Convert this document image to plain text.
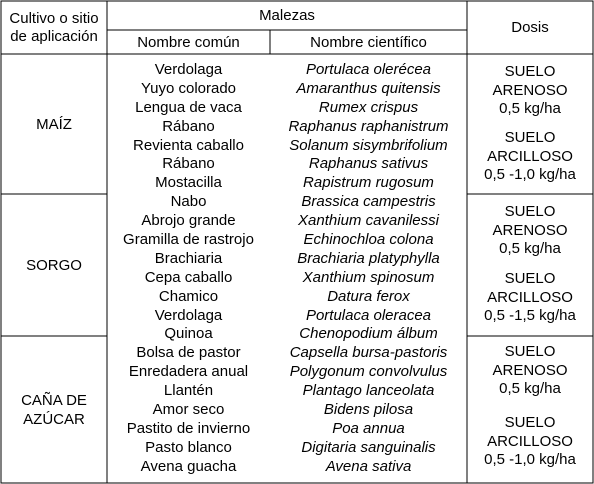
Cultivo o sitio de aplicación
Malezas
Nombre común	Nombre científico
Dosis
MAÍZ
SORGO
CAÑA DE AZÚCAR
Verdolaga
Yuyo colorado
Lengua de vaca
Rábano
Revienta caballo
Rábano
Mostacilla
Nabo
Abrojo grande
Gramilla de rastrojo
Brachiaria
Cepa caballo
Chamico
Verdolaga
Quinoa
Bolsa de pastor
Enredadera anual
Llantén
Amor seco
Pastito de invierno
Pasto blanco
Avena guacha
Portulaca olerécea
Amaranthus quitensis
Rumex crispus
Raphanus raphanistrum
Solanum sisymbrifolium
Raphanus sativus
Rapistrum rugosum
Brassica campestris
Xanthium cavanilessi
Echinochloa colona
Brachiaria platyphylla
Xanthium spinosum
Datura ferox
Portulaca oleracea
Chenopodium álbum
Capsella bursa-pastoris
Polygonum convolvulus
Plantago lanceolata
Bidens pilosa
Poa annua
Digitaria sanguinalis
Avena sativa
SUELO
ARENOSO
0,5 kg/ha
SUELO
ARCILLOSO
0,5 -1,0 kg/ha
SUELO
ARENOSO
0,5 kg/ha
SUELO
ARCILLOSO
0,5 -1,5 kg/ha
SUELO
ARENOSO
0,5 kg/ha
SUELO
ARCILLOSO
0,5 -1,0 kg/ha
